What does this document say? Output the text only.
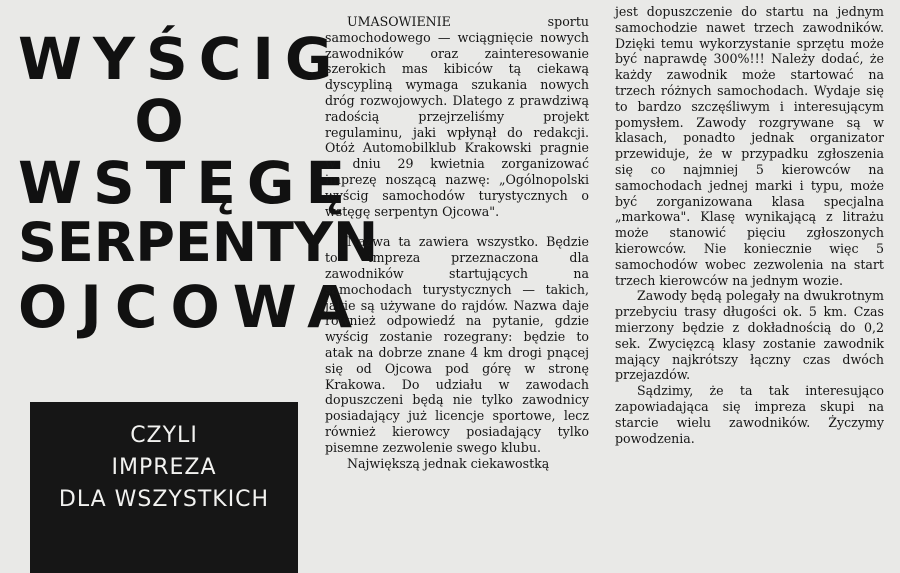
WYŚCIG
O
WSTĘGĘ
SERPENTYN
OJCOWA
CZYLI
IMPREZA
DLA WSZYSTKICH

UMASOWIENIE sportu samochodowego — wciągnięcie nowych zawodników oraz zainteresowanie szerokich mas kibiców tą ciekawą dyscypliną wymaga szukania nowych dróg rozwojowych. Dlatego z prawdziwą radością przejrzeliśmy projekt regulaminu, jaki wpłynął do redakcji. Otóż Automobilklub Krakowski pragnie w dniu 29 kwietnia zorganizować imprezę noszącą nazwę: „Ogólnopolski wyścig samochodów turystycznych o wstęgę serpentyn Ojcowa".

Nazwa ta zawiera wszystko. Będzie to impreza przeznaczona dla zawodników startujących na samochodach turystycznych — takich, jakie są używane do rajdów. Nazwa daje również odpowiedź na pytanie, gdzie wyścig zostanie rozegrany: będzie to atak na dobrze znane 4 km drogi pnącej się od Ojcowa pod górę w stronę Krakowa. Do udziału w zawodach dopuszczeni będą nie tylko zawodnicy posiadający już licencje sportowe, lecz również kierowcy posiadający tylko pisemne zezwolenie swego klubu.

Największą jednak ciekawostką

jest dopuszczenie do startu na jednym samochodzie nawet trzech zawodników. Dzięki temu wykorzystanie sprzętu może być naprawdę 300%!!! Należy dodać, że każdy zawodnik może startować na trzech różnych samochodach. Wydaje się to bardzo szczęśliwym i interesującym pomysłem. Zawody rozgrywane są w klasach, ponadto jednak organizator przewiduje, że w przypadku zgłoszenia się co najmniej 5 kierowców na samochodach jednej marki i typu, może być zorganizowana klasa specjalna „markowa". Klasę wynikającą z litrażu może stanowić pięciu zgłoszonych kierowców. Nie koniecznie więc 5 samochodów wobec zezwolenia na start trzech kierowców na jednym wozie.

Zawody będą polegały na dwukrotnym przebyciu trasy długości ok. 5 km. Czas mierzony będzie z dokładnością do 0,2 sek. Zwycięzcą klasy zostanie zawodnik mający najkrótszy łączny czas dwóch przejazdów.

Sądzimy, że ta tak interesująco zapowiadająca się impreza skupi na starcie wielu zawodników. Życzymy powodzenia.
